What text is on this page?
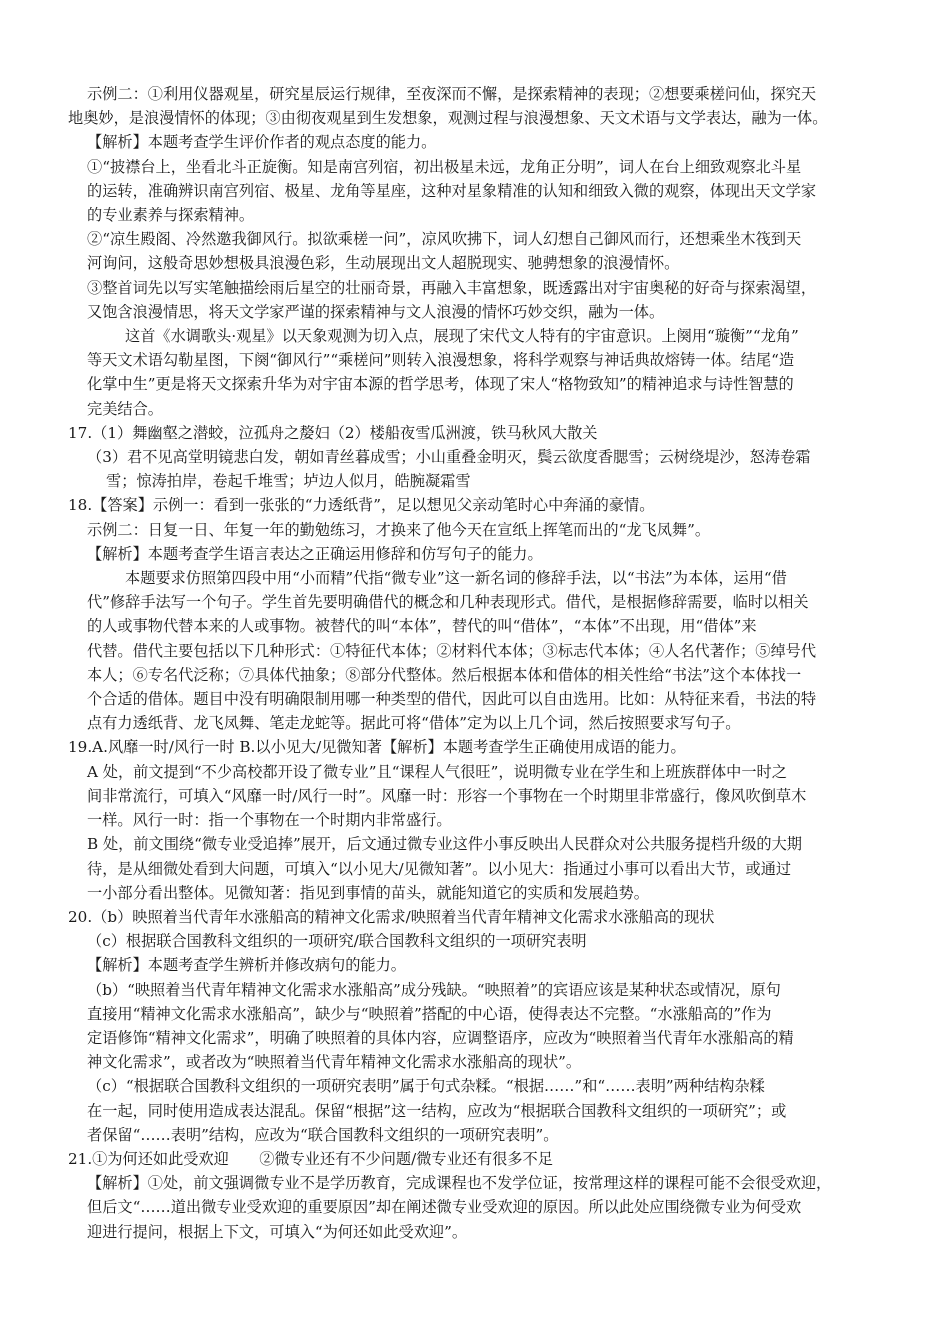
示例二：①利用仪器观星，研究星辰运行规律，至夜深而不懈，是探索精神的表现；②想要乘槎问仙，探究天
地奥妙，是浪漫情怀的体现；③由彻夜观星到生发想象，观测过程与浪漫想象、天文术语与文学表达，融为一体。
【解析】本题考查学生评价作者的观点态度的能力。
①“披襟台上，坐看北斗正旋衡。知是南宫列宿，初出极星未远，龙角正分明”，词人在台上细致观察北斗星
的运转，准确辨识南宫列宿、极星、龙角等星座，这种对星象精准的认知和细致入微的观察，体现出天文学家
的专业素养与探索精神。
②“凉生殿阁、冷然邀我御风行。拟欲乘槎一问”，凉风吹拂下，词人幻想自己御风而行，还想乘坐木筏到天
河询问，这般奇思妙想极具浪漫色彩，生动展现出文人超脱现实、驰骋想象的浪漫情怀。
③整首词先以写实笔触描绘雨后星空的壮丽奇景，再融入丰富想象，既透露出对宇宙奥秘的好奇与探索渴望，
又饱含浪漫情思，将天文学家严谨的探索精神与文人浪漫的情怀巧妙交织，融为一体。
这首《水调歌头·观星》以天象观测为切入点，展现了宋代文人特有的宇宙意识。上阕用“璇衡”“龙角”
等天文术语勾勒星图，下阕“御风行”“乘槎问”则转入浪漫想象，将科学观察与神话典故熔铸一体。结尾“造
化掌中生”更是将天文探索升华为对宇宙本源的哲学思考，体现了宋人“格物致知”的精神追求与诗性智慧的
完美结合。
17.（1）舞幽壑之潜蛟，泣孤舟之嫠妇（2）楼船夜雪瓜洲渡，铁马秋风大散关
（3）君不见高堂明镜悲白发，朝如青丝暮成雪；小山重叠金明灭，鬓云欲度香腮雪；云树绕堤沙，怒涛卷霜
雪；惊涛拍岸，卷起千堆雪；垆边人似月，皓腕凝霜雪
18.【答案】示例一：看到一张张的“力透纸背”，足以想见父亲动笔时心中奔涌的豪情。
示例二：日复一日、年复一年的勤勉练习，才换来了他今天在宣纸上挥笔而出的“龙飞凤舞”。
【解析】本题考查学生语言表达之正确运用修辞和仿写句子的能力。
本题要求仿照第四段中用“小而精”代指“微专业”这一新名词的修辞手法，以“书法”为本体，运用“借
代”修辞手法写一个句子。学生首先要明确借代的概念和几种表现形式。借代，是根据修辞需要，临时以相关
的人或事物代替本来的人或事物。被替代的叫“本体”，替代的叫“借体”，“本体”不出现，用“借体”来
代替。借代主要包括以下几种形式：①特征代本体；②材料代本体；③标志代本体；④人名代著作；⑤绰号代
本人；⑥专名代泛称；⑦具体代抽象；⑧部分代整体。然后根据本体和借体的相关性给“书法”这个本体找一
个合适的借体。题目中没有明确限制用哪一种类型的借代，因此可以自由选用。比如：从特征来看，书法的特
点有力透纸背、龙飞凤舞、笔走龙蛇等。据此可将“借体”定为以上几个词，然后按照要求写句子。
19.A.风靡一时/风行一时 B.以小见大/见微知著【解析】本题考查学生正确使用成语的能力。
A 处，前文提到“不少高校都开设了微专业”且“课程人气很旺”，说明微专业在学生和上班族群体中一时之
间非常流行，可填入“风靡一时/风行一时”。风靡一时：形容一个事物在一个时期里非常盛行，像风吹倒草木
一样。风行一时：指一个事物在一个时期内非常盛行。
B 处，前文围绕“微专业受追捧”展开，后文通过微专业这件小事反映出人民群众对公共服务提档升级的大期
待，是从细微处看到大问题，可填入“以小见大/见微知著”。以小见大：指通过小事可以看出大节，或通过
一小部分看出整体。见微知著：指见到事情的苗头，就能知道它的实质和发展趋势。
20.（b）映照着当代青年水涨船高的精神文化需求/映照着当代青年精神文化需求水涨船高的现状
（c）根据联合国教科文组织的一项研究/联合国教科文组织的一项研究表明
【解析】本题考查学生辨析并修改病句的能力。
（b）“映照着当代青年精神文化需求水涨船高”成分残缺。“映照着”的宾语应该是某种状态或情况，原句
直接用“精神文化需求水涨船高”，缺少与“映照着”搭配的中心语，使得表达不完整。“水涨船高的”作为
定语修饰“精神文化需求”，明确了映照着的具体内容，应调整语序，应改为“映照着当代青年水涨船高的精
神文化需求”，或者改为“映照着当代青年精神文化需求水涨船高的现状”。
（c）“根据联合国教科文组织的一项研究表明”属于句式杂糅。“根据……”和“……表明”两种结构杂糅
在一起，同时使用造成表达混乱。保留“根据”这一结构，应改为“根据联合国教科文组织的一项研究”；或
者保留“……表明”结构，应改为“联合国教科文组织的一项研究表明”。
21.①为何还如此受欢迎　　②微专业还有不少问题/微专业还有很多不足
【解析】①处，前文强调微专业不是学历教育，完成课程也不发学位证，按常理这样的课程可能不会很受欢迎，
但后文“……道出微专业受欢迎的重要原因”却在阐述微专业受欢迎的原因。所以此处应围绕微专业为何受欢
迎进行提问，根据上下文，可填入“为何还如此受欢迎”。
